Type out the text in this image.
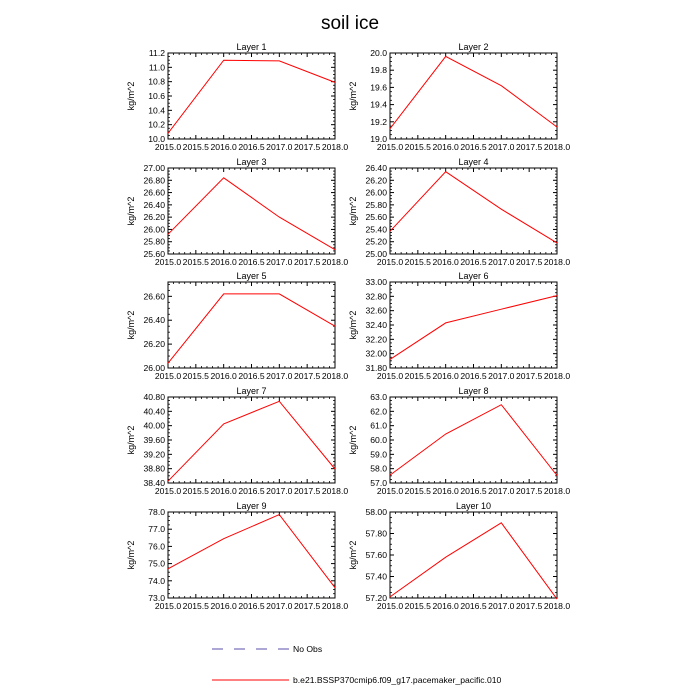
soil ice
Layer 1
2015.0 2015.5 2016.0 2016.5 2017.0 2017.5 2018.0
10.0
10.2
10.4
10.6
10.8
11.0
11.2
kg/m^2
Layer 2
2015.0 2015.5 2016.0 2016.5 2017.0 2017.5 2018.0
19.0
19.2
19.4
19.6
19.8
20.0
kg/m^2
Layer 3
2015.0 2015.5 2016.0 2016.5 2017.0 2017.5 2018.0
25.60
25.80
26.00
26.20
26.40
26.60
26.80
27.00
kg/m^2
Layer 4
2015.0 2015.5 2016.0 2016.5 2017.0 2017.5 2018.0
25.00
25.20
25.40
25.60
25.80
26.00
26.20
26.40
kg/m^2
Layer 5
2015.0 2015.5 2016.0 2016.5 2017.0 2017.5 2018.0
26.00
26.20
26.40
26.60
kg/m^2
Layer 6
2015.0 2015.5 2016.0 2016.5 2017.0 2017.5 2018.0
31.80
32.00
32.20
32.40
32.60
32.80
33.00
kg/m^2
Layer 7
2015.0 2015.5 2016.0 2016.5 2017.0 2017.5 2018.0
38.40
38.80
39.20
39.60
40.00
40.40
40.80
kg/m^2
Layer 8
2015.0 2015.5 2016.0 2016.5 2017.0 2017.5 2018.0
57.0
58.0
59.0
60.0
61.0
62.0
63.0
kg/m^2
Layer 9
2015.0 2015.5 2016.0 2016.5 2017.0 2017.5 2018.0
73.0
74.0
75.0
76.0
77.0
78.0
kg/m^2
Layer 10
2015.0 2015.5 2016.0 2016.5 2017.0 2017.5 2018.0
57.20
57.40
57.60
57.80
58.00
kg/m^2
No Obs
b.e21.BSSP370cmip6.f09_g17.pacemaker_pacific.010
